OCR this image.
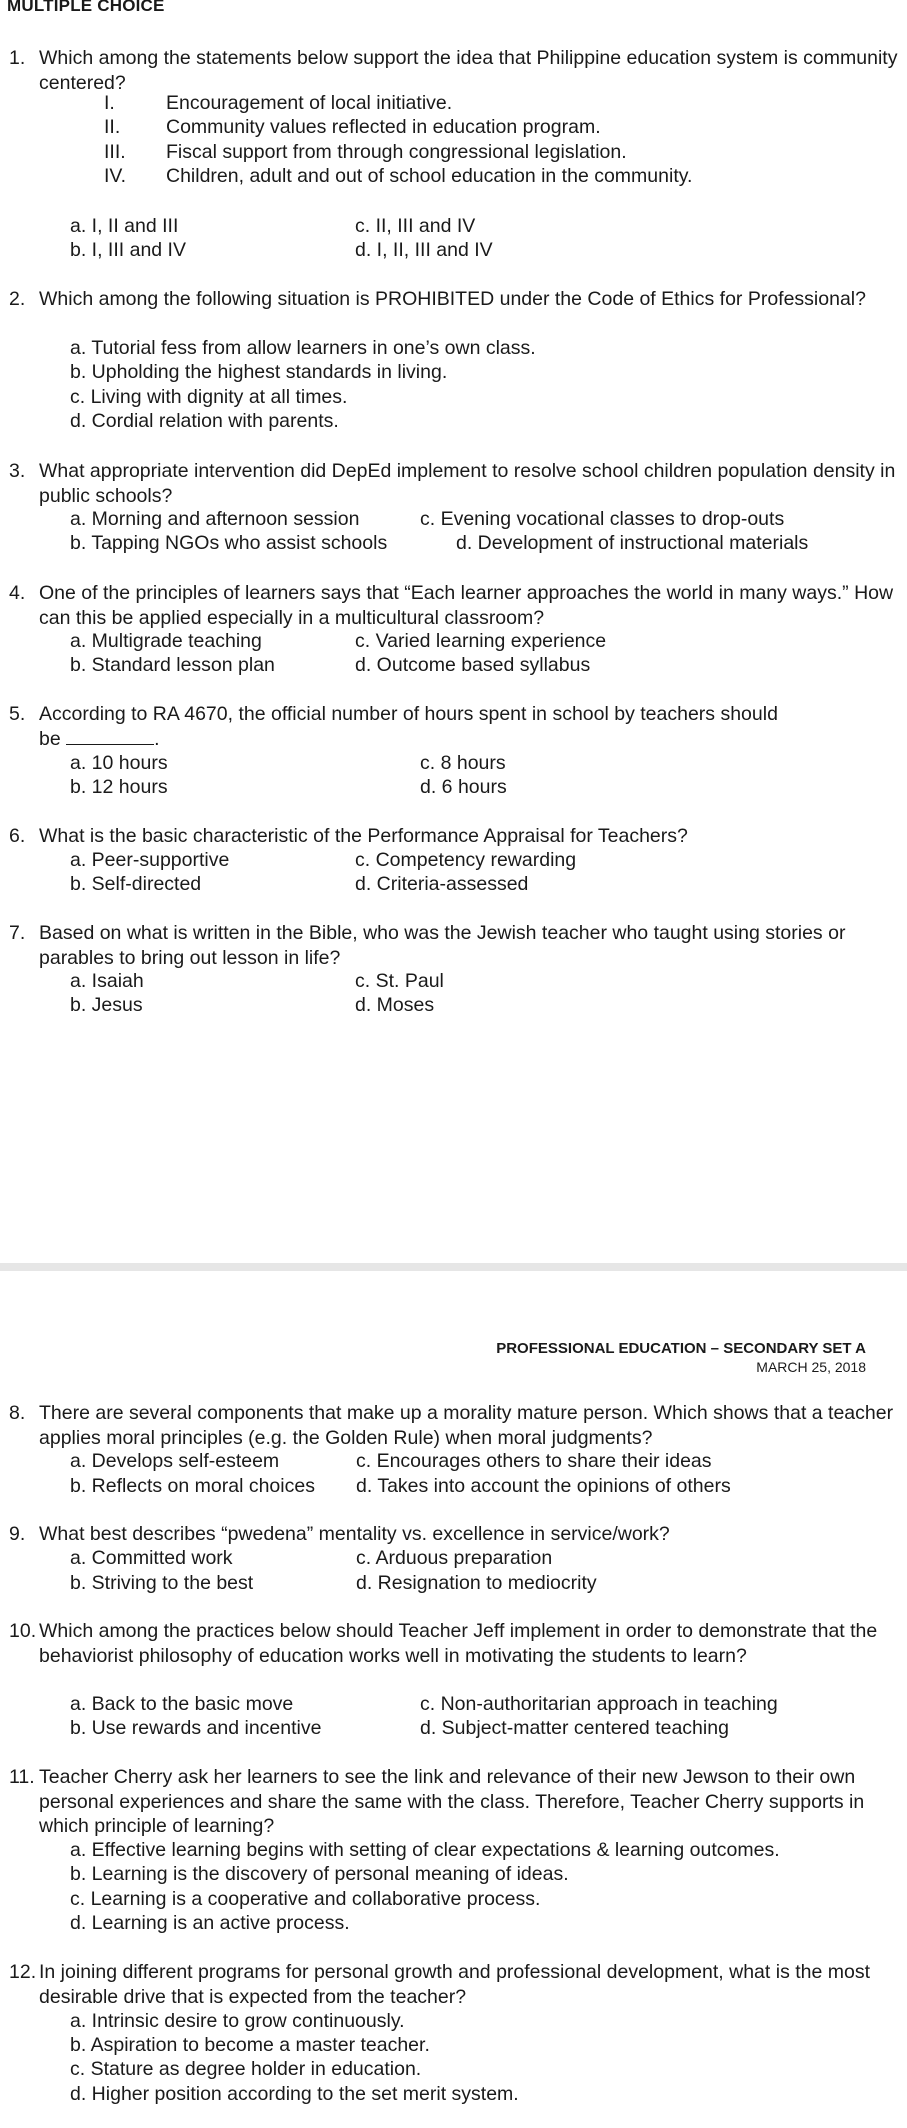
MULTIPLE CHOICE
1. Which among the statements below support the idea that Philippine education system is community centered?
I.	Encouragement of local initiative.
II. Community values reflected in education program.
III. Fiscal support from through congressional legislation.
IV. Children, adult and out of school education in the community.
a. I, II and III
b. I, III and IV
c. II, III and IV
d. I, II, III and IV
2. Which among the following situation is PROHIBITED under the Code of Ethics for Professional?
a. Tutorial fess from allow learners in one’s own class.
b. Upholding the highest standards in living.
c. Living with dignity at all times.
d. Cordial relation with parents.
3. What appropriate intervention did DepEd implement to resolve school children population density in public schools?
a. Morning and afternoon session
b. Tapping NGOs who assist schools
c. Evening vocational classes to drop-outs
d. Development of instructional materials
4. One of the principles of learners says that “Each learner approaches the world in many ways.” How can this be applied especially in a multicultural classroom?
a. Multigrade teaching
b. Standard lesson plan
c. Varied learning experience
d. Outcome based syllabus
5. According to RA 4670, the official number of hours spent in school by teachers should
be	.
a. 10 hours
b. 12 hours
c. 8 hours
d. 6 hours
6. What is the basic characteristic of the Performance Appraisal for Teachers?
a. Peer-supportive
b. Self-directed
c. Competency rewarding
d. Criteria-assessed
7. Based on what is written in the Bible, who was the Jewish teacher who taught using stories or parables to bring out lesson in life?
a. Isaiah
b. Jesus
c. St. Paul
d. Moses
PROFESSIONAL EDUCATION – SECONDARY SET A
MARCH 25, 2018
8. There are several components that make up a morality mature person. Which shows that a teacher applies moral principles (e.g. the Golden Rule) when moral judgments?
a. Develops self-esteem
b. Reflects on moral choices
c. Encourages others to share their ideas
d. Takes into account the opinions of others
9. What best describes “pwedena” mentality vs. excellence in service/work?
a. Committed work
b. Striving to the best
c. Arduous preparation
d. Resignation to mediocrity
10. Which among the practices below should Teacher Jeff implement in order to demonstrate that the behaviorist philosophy of education works well in motivating the students to learn?
a. Back to the basic move
b. Use rewards and incentive
c. Non-authoritarian approach in teaching
d. Subject-matter centered teaching
11. Teacher Cherry ask her learners to see the link and relevance of their new Jewson to their own personal experiences and share the same with the class. Therefore, Teacher Cherry supports in which principle of learning?
a. Effective learning begins with setting of clear expectations & learning outcomes.
b. Learning is the discovery of personal meaning of ideas.
c. Learning is a cooperative and collaborative process.
d. Learning is an active process.
12. In joining different programs for personal growth and professional development, what is the most desirable drive that is expected from the teacher?
a. Intrinsic desire to grow continuously.
b. Aspiration to become a master teacher.
c. Stature as degree holder in education.
d. Higher position according to the set merit system.
